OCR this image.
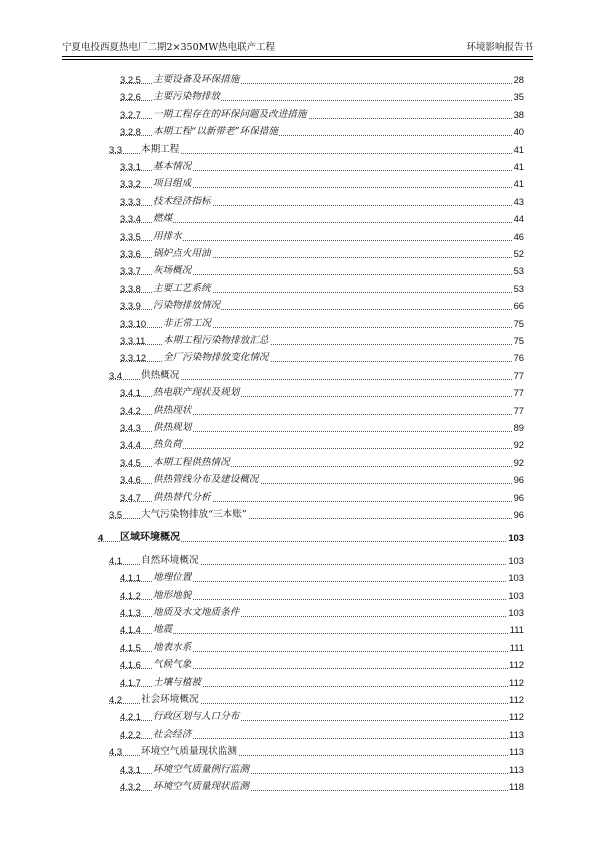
宁夏电投西夏热电厂二期2×350MW热电联产工程	环境影响报告书
3.2.5 主要设备及环保措施	28
3.2.6 主要污染物排放	35
3.2.7 一期工程存在的环保问题及改进措施	38
3.2.8 本期工程“以新带老”环保措施	40
3.3 本期工程	41
3.3.1 基本情况	41
3.3.2 项目组成	41
3.3.3 技术经济指标	43
3.3.4 燃煤	44
3.3.5 用排水	46
3.3.6 锅炉点火用油	52
3.3.7 灰场概况	53
3.3.8 主要工艺系统	53
3.3.9 污染物排放情况	66
3.3.10 非正常工况	75
3.3.11 本期工程污染物排放汇总	75
3.3.12 全厂污染物排放变化情况	76
3.4 供热概况	77
3.4.1 热电联产现状及规划	77
3.4.2 供热现状	77
3.4.3 供热规划	89
3.4.4 热负荷	92
3.4.5 本期工程供热情况	92
3.4.6 供热管线分布及建设概况	96
3.4.7 供热替代分析	96
3.5 大气污染物排放“三本账”	96
4 区域环境概况	103
4.1 自然环境概况	103
4.1.1 地理位置	103
4.1.2 地形地貌	103
4.1.3 地质及水文地质条件	103
4.1.4 地震	111
4.1.5 地表水系	111
4.1.6 气候气象	112
4.1.7 土壤与植被	112
4.2 社会环境概况	112
4.2.1 行政区划与人口分布	112
4.2.2 社会经济	113
4.3 环境空气质量现状监测	113
4.3.1 环境空气质量例行监测	113
4.3.2 环境空气质量现状监测	118
